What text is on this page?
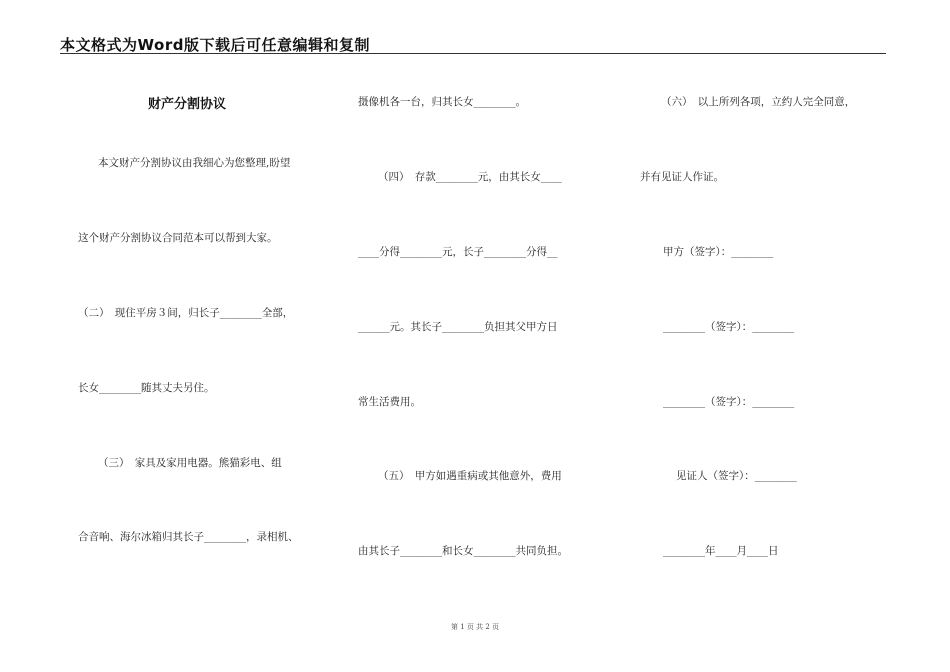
本文格式为Word版下载后可任意编辑和复制
财产分割协议
本文财产分割协议由我细心为您整理,盼望
这个财产分割协议合同范本可以帮到大家。
（二）　现住平房３间，归长子________全部，
长女________随其丈夫另住。
（三）　家具及家用电器。熊猫彩电、组
合音响、海尔冰箱归其长子________，录相机、
摄像机各一台，归其长女________。
（四）　存款________元，由其长女____
____分得________元，长子________分得__
______元。其长子________负担其父甲方日
常生活费用。
（五）　甲方如遇重病或其他意外，费用
由其长子________和长女________共同负担。
（六）　以上所列各项，立约人完全同意，
并有见证人作证。
甲方（签字）：________
________（签字）：________
________（签字）：________
见证人（签字）：________
________年____月____日
第 1 页 共 2 页
